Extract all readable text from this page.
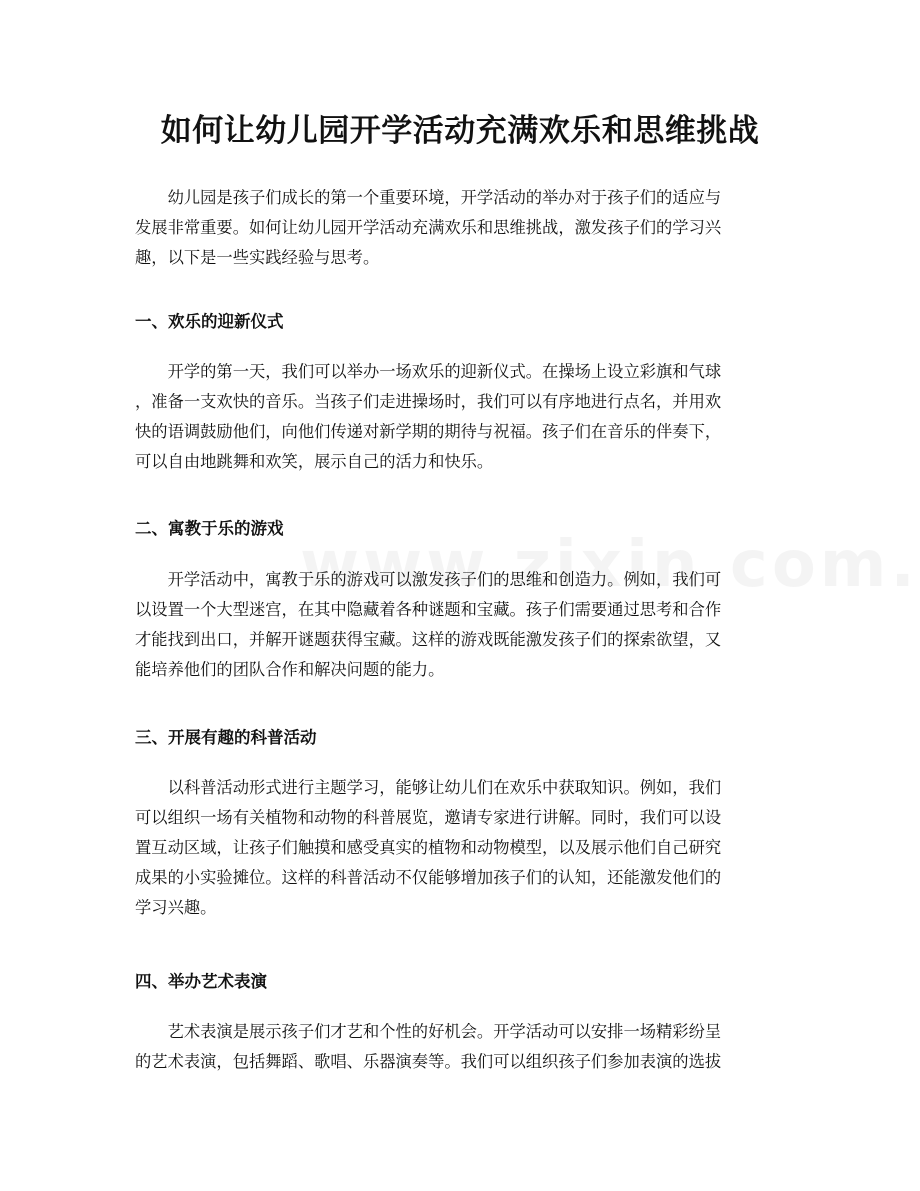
如何让幼儿园开学活动充满欢乐和思维挑战

　　幼儿园是孩子们成长的第一个重要环境，开学活动的举办对于孩子们的适应与
发展非常重要。如何让幼儿园开学活动充满欢乐和思维挑战，激发孩子们的学习兴
趣，以下是一些实践经验与思考。

一、欢乐的迎新仪式

　　开学的第一天，我们可以举办一场欢乐的迎新仪式。在操场上设立彩旗和气球
，准备一支欢快的音乐。当孩子们走进操场时，我们可以有序地进行点名，并用欢
快的语调鼓励他们，向他们传递对新学期的期待与祝福。孩子们在音乐的伴奏下，
可以自由地跳舞和欢笑，展示自己的活力和快乐。

二、寓教于乐的游戏

　　开学活动中，寓教于乐的游戏可以激发孩子们的思维和创造力。例如，我们可
以设置一个大型迷宫，在其中隐藏着各种谜题和宝藏。孩子们需要通过思考和合作
才能找到出口，并解开谜题获得宝藏。这样的游戏既能激发孩子们的探索欲望，又
能培养他们的团队合作和解决问题的能力。

三、开展有趣的科普活动

　　以科普活动形式进行主题学习，能够让幼儿们在欢乐中获取知识。例如，我们
可以组织一场有关植物和动物的科普展览，邀请专家进行讲解。同时，我们可以设
置互动区域，让孩子们触摸和感受真实的植物和动物模型，以及展示他们自己研究
成果的小实验摊位。这样的科普活动不仅能够增加孩子们的认知，还能激发他们的
学习兴趣。

四、举办艺术表演

　　艺术表演是展示孩子们才艺和个性的好机会。开学活动可以安排一场精彩纷呈
的艺术表演，包括舞蹈、歌唱、乐器演奏等。我们可以组织孩子们参加表演的选拔
